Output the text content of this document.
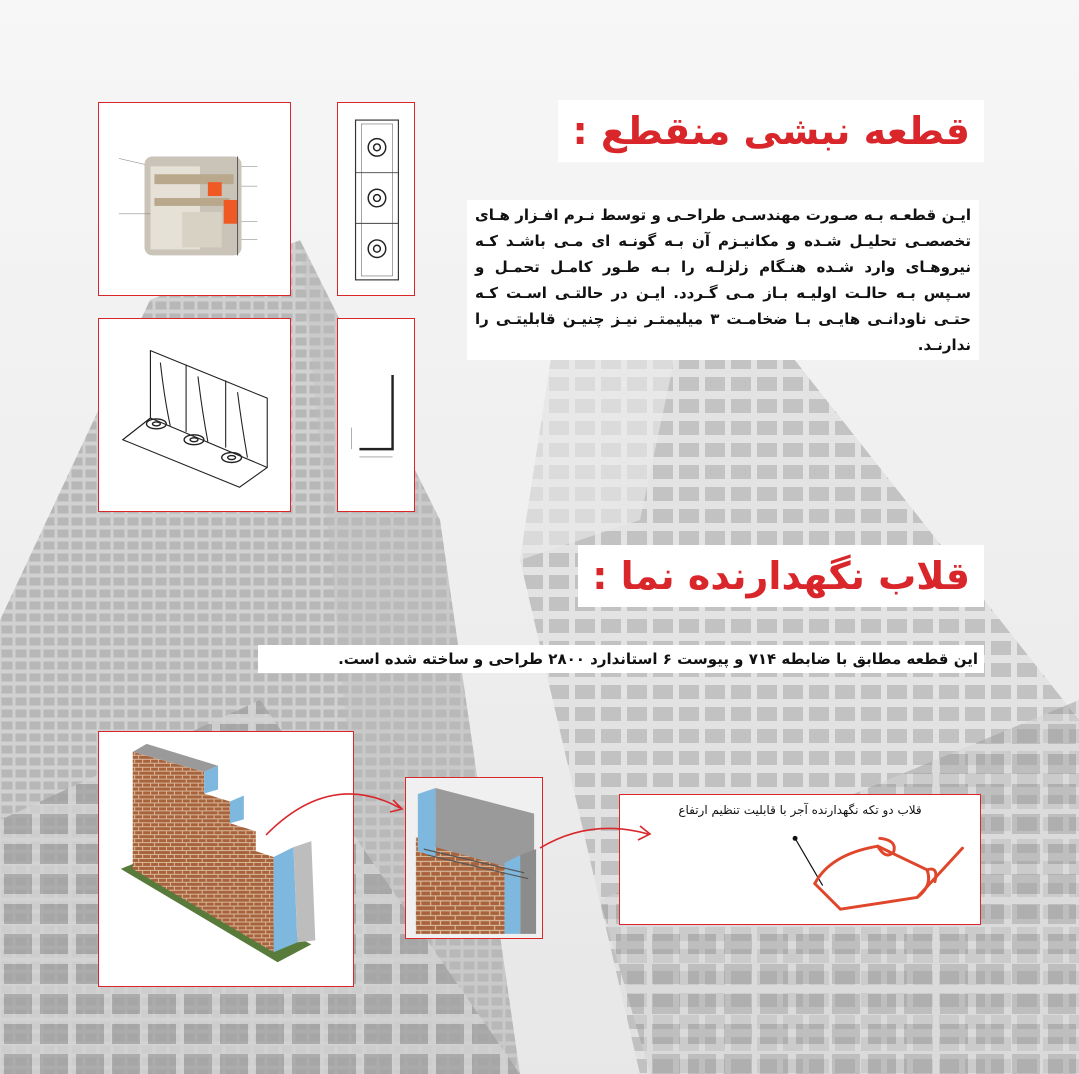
قطعه نبشی منقطع :

ایـن قطعـه بـه صـورت مهندسـی طراحـی و توسط نـرم افـزار هـای تخصصـی تحلیـل شـده و مکانیـزم آن بـه گونـه ای مـی باشـد کـه نیروهـای وارد شـده هنـگام زلزلـه را بـه طـور کامـل تحمـل و سـپس بـه حالـت اولیـه بـاز مـی گـردد. ایـن در حالتـی اسـت کـه حتـی ناودانـی هایـی بـا ضخامـت ۳ میلیمتـر نیـز چنیـن قابلیتـی را ندارنـد.

قلاب نگهدارنده نما :

این قطعه مطابق با ضابطه ۷۱۴ و پیوست ۶ استاندارد ۲۸۰۰ طراحی و ساخته شده است.

قلاب دو تکه نگهدارنده آجر با قابلیت تنظیم ارتفاع
